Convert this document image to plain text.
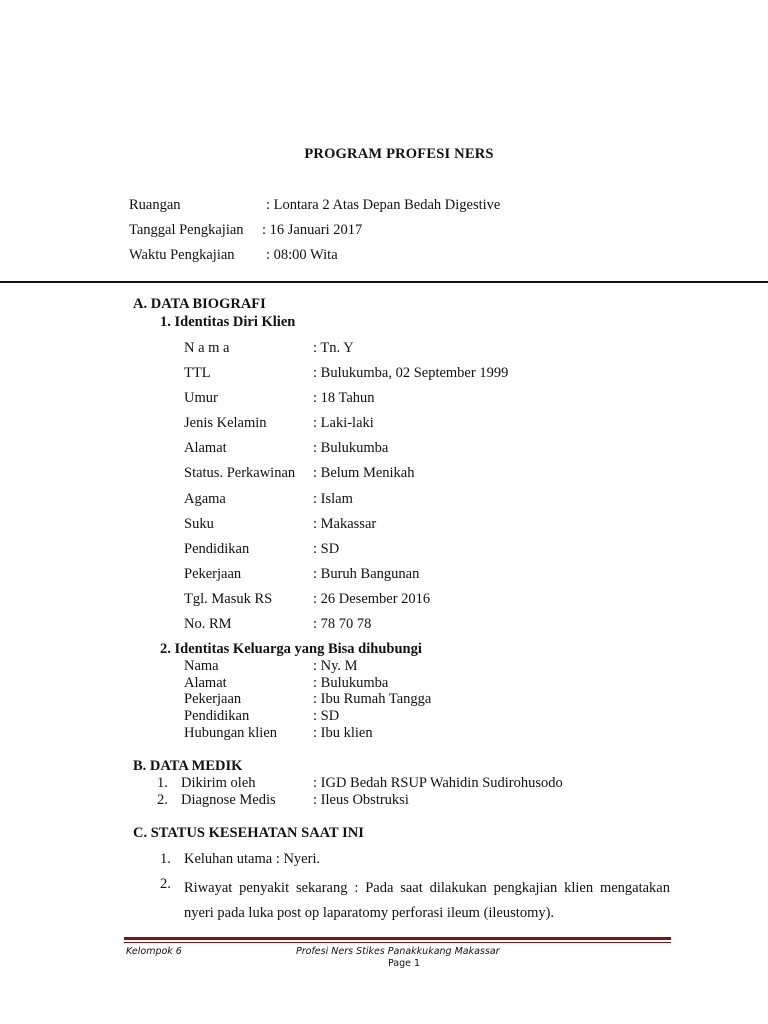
PROGRAM PROFESI NERS
Ruangan	: Lontara 2 Atas Depan Bedah Digestive
Tanggal Pengkajian : 16 Januari 2017
Waktu Pengkajian : 08:00 Wita
A. DATA BIOGRAFI
1. Identitas Diri Klien
N a m a	: Tn. Y
TTL	: Bulukumba, 02 September 1999
Umur	: 18 Tahun
Jenis Kelamin	: Laki-laki
Alamat	: Bulukumba
Status. Perkawinan : Belum Menikah
Agama	: Islam
Suku	: Makassar
Pendidikan	: SD
Pekerjaan	: Buruh Bangunan
Tgl. Masuk RS	: 26 Desember 2016
No. RM	: 78 70 78
2. Identitas Keluarga yang Bisa dihubungi
Nama	: Ny. M
Alamat	: Bulukumba
Pekerjaan	: Ibu Rumah Tangga
Pendidikan	: SD
Hubungan klien : Ibu klien
B. DATA MEDIK
1. Dikirim oleh	: IGD Bedah RSUP Wahidin Sudirohusodo
2. Diagnose Medis	: Ileus Obstruksi
C. STATUS KESEHATAN SAAT INI
1. Keluhan utama : Nyeri.
2. Riwayat penyakit sekarang : Pada saat dilakukan pengkajian klien mengatakan nyeri pada luka post op laparatomy perforasi ileum (ileustomy).
Kelompok 6	Profesi Ners Stikes Panakkukang Makassar
Page 1
